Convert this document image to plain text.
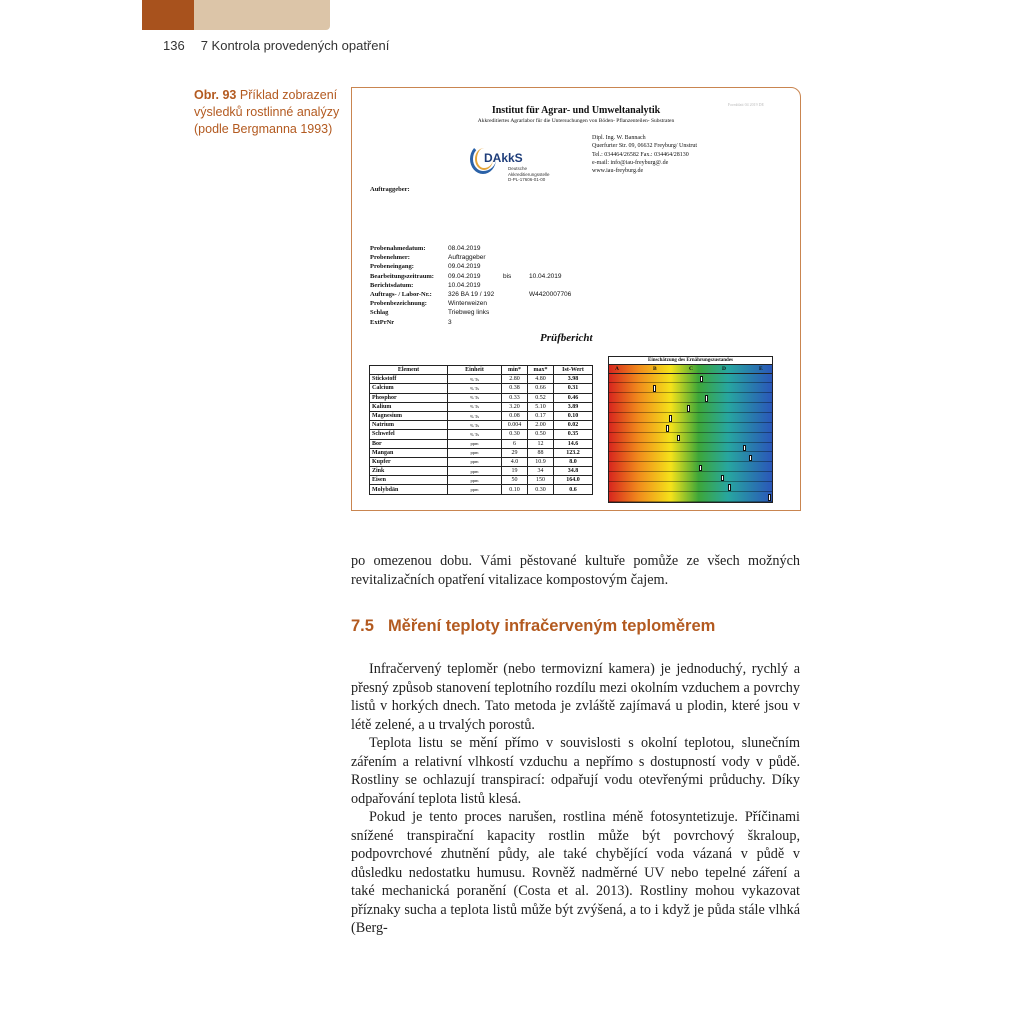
136 7 Kontrola provedených opatření
Obr. 93 Příklad zobrazení výsledků rostlinné analýzy (podle Bergmanna 1993)
Formblatt 04 2019 DE
Institut für Agrar- und Umweltanalytik
Akkreditiertes Agrarlabor für die Untersuchungen von Böden- Pflanzenteilen- Substraten
DAkkS
Deutsche
Akkreditierungsstelle
D-PL-17606-01-00
Dipl. Ing. W. Bannach
Querfurter Str. 09, 06632 Freyburg/ Unstrut
Tel.: 034464/26582 Fax.: 034464/28130
e-mail: info@iau-freyburg@.de
www.iau-freyburg.de
Auftraggeber:
Probenahmedatum:	08.04.2019
Probenehmer:	Auftraggeber
Probeneingang:	09.04.2019
Bearbeitungszeitraum:	09.04.2019	bis	10.04.2019
Berichtsdatum:	10.04.2019
Auftrags- / Labor-Nr.:	326 BA 19 / 192	W4420007706
Probenbezeichnung:	Winterweizen
Schlag	Triebweg links
ExtPrNr	3
Prüfbericht
Element	Einheit	min*	max*	Ist-Wert
Stickstoff	% Ts	2.80	4.80	3.98
Calcium	% Ts	0.38	0.66	0.31
Phosphor	% Ts	0.33	0.52	0.46
Kalium	% Ts	3.20	5.10	3.89
Magnesium	% Ts	0.08	0.17	0.10
Natrium	% Ts	0.004	2.00	0.02
Schwefel	% Ts	0.30	0.50	0.35
Bor	ppm	6	12	14.6
Mangan	ppm	29	88	123.2
Kupfer	ppm	4.0	10.9	8.0
Zink	ppm	19	34	34.8
Eisen	ppm	50	150	164.0
Molybdän	ppm	0.10	0.30	0.6
Einschätzung des Ernährungszustandes
A	B	C	D	E
po omezenou dobu. Vámi pěstované kultuře pomůže ze všech možných revitalizačních opatření vitalizace kompostovým čajem.
7.5 Měření teploty infračerveným teploměrem

Infračervený teploměr (nebo termovizní kamera) je jednoduchý, rychlý a přesný způsob stanovení teplotního rozdílu mezi okolním vzduchem a povrchy listů v horkých dnech. Tato metoda je zvláště zajímavá u plodin, které jsou v létě zelené, a u trvalých porostů.

Teplota listu se mění přímo v souvislosti s okolní teplotou, slunečním zářením a relativní vlhkostí vzduchu a nepřímo s dostupností vody v půdě. Rostliny se ochlazují transpirací: odpařují vodu otevřenými průduchy. Díky odpařování teplota listů klesá.

Pokud je tento proces narušen, rostlina méně fotosyntetizuje. Příčinami snížené transpirační kapacity rostlin může být povrchový škraloup, podpovrchové zhutnění půdy, ale také chybějící voda vázaná v půdě v důsledku nedostatku humusu. Rovněž nadměrné UV nebo tepelné záření a také mechanická poranění (Costa et al. 2013). Rostliny mohou vykazovat příznaky sucha a teplota listů může být zvýšená, a to i když je půda stále vlhká (Berg-
